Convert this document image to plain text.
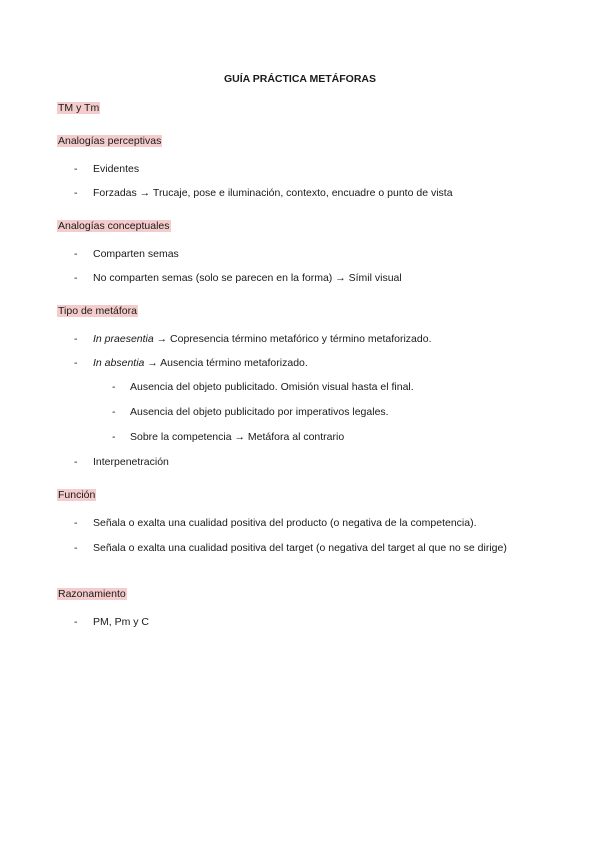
GUÍA PRÁCTICA METÁFORAS
TM y Tm
Analogías perceptivas
-	Evidentes
-	Forzadas → Trucaje, pose e iluminación, contexto, encuadre o punto de vista
Analogías conceptuales
-	Comparten semas
-	No comparten semas (solo se parecen en la forma) → Símil visual
Tipo de metáfora
-	In praesentia → Copresencia término metafórico y término metaforizado.
-	In absentia → Ausencia término metaforizado.
-	Ausencia del objeto publicitado. Omisión visual hasta el final.
-	Ausencia del objeto publicitado por imperativos legales.
-	Sobre la competencia → Metáfora al contrario
-	Interpenetración
Función
-	Señala o exalta una cualidad positiva del producto (o negativa de la competencia).
-	Señala o exalta una cualidad positiva del target (o negativa del target al que no se dirige)
Razonamiento
-	PM, Pm y C
